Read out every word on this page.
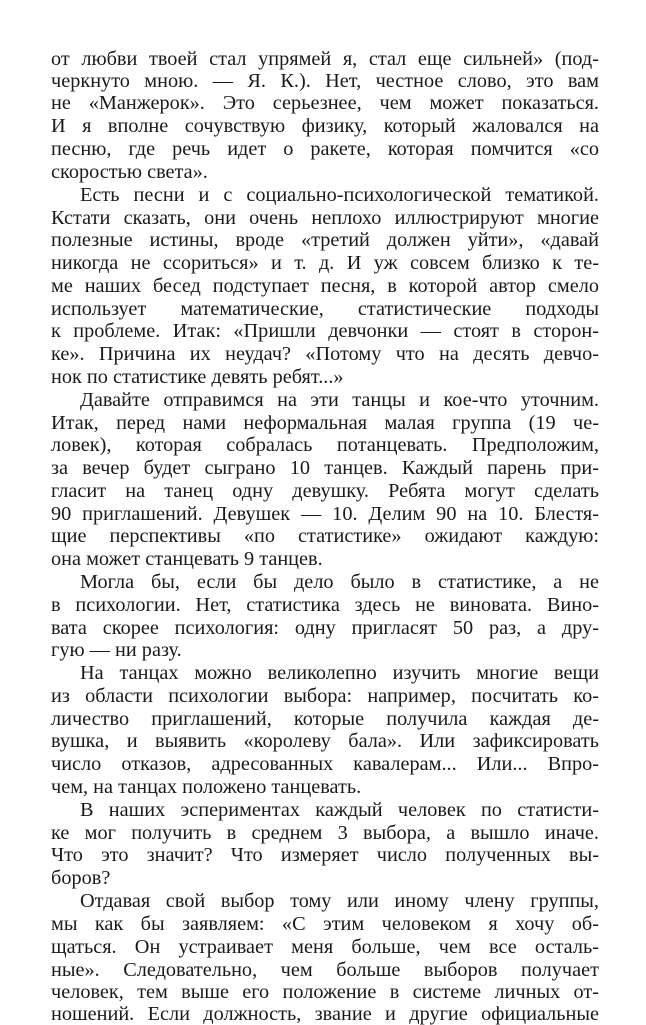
от любви твоей стал упрямей я, стал еще сильней» (под-
черкнуто мною. — Я. К.). Нет, честное слово, это вам
не «Манжерок». Это серьезнее, чем может показаться.
И я вполне сочувствую физику, который жаловался на
песню, где речь идет о ракете, которая помчится «со
скоростью света».
Есть песни и с социально-психологической тематикой.
Кстати сказать, они очень неплохо иллюстрируют многие
полезные истины, вроде «третий должен уйти», «давай
никогда не ссориться» и т. д. И уж совсем близко к те-
ме наших бесед подступает песня, в которой автор смело
использует математические, статистические подходы
к проблеме. Итак: «Пришли девчонки — стоят в сторон-
ке». Причина их неудач? «Потому что на десять девчо-
нок по статистике девять ребят...»
Давайте отправимся на эти танцы и кое-что уточним.
Итак, перед нами неформальная малая группа (19 че-
ловек), которая собралась потанцевать. Предположим,
за вечер будет сыграно 10 танцев. Каждый парень при-
гласит на танец одну девушку. Ребята могут сделать
90 приглашений. Девушек — 10. Делим 90 на 10. Блестя-
щие перспективы «по статистике» ожидают каждую:
она может станцевать 9 танцев.
Могла бы, если бы дело было в статистике, а не
в психологии. Нет, статистика здесь не виновата. Вино-
вата скорее психология: одну пригласят 50 раз, а дру-
гую — ни разу.
На танцах можно великолепно изучить многие вещи
из области психологии выбора: например, посчитать ко-
личество приглашений, которые получила каждая де-
вушка, и выявить «королеву бала». Или зафиксировать
число отказов, адресованных кавалерам... Или... Впро-
чем, на танцах положено танцевать.
В наших эспериментах каждый человек по статисти-
ке мог получить в среднем 3 выбора, а вышло иначе.
Что это значит? Что измеряет число полученных вы-
боров?
Отдавая свой выбор тому или иному члену группы,
мы как бы заявляем: «С этим человеком я хочу об-
щаться. Он устраивает меня больше, чем все осталь-
ные». Следовательно, чем больше выборов получает
человек, тем выше его положение в системе личных от-
ношений. Если должность, звание и другие официальные
